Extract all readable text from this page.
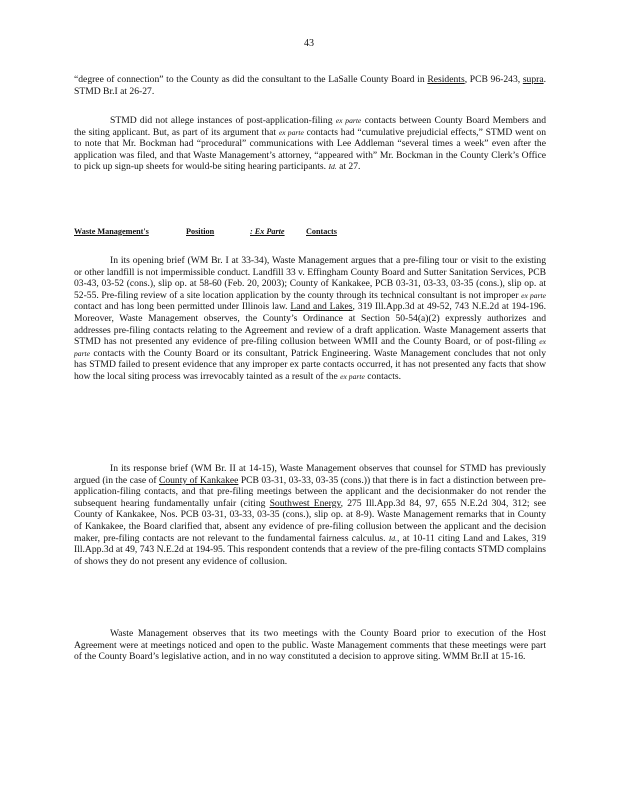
43

“degree of connection” to the County as did the consultant to the LaSalle County Board in Residents, PCB 96-243, supra. STMD Br.I at 26-27.

STMD did not allege instances of post-application-filing ex parte contacts between County Board Members and the siting applicant. But, as part of its argument that ex parte contacts had “cumulative prejudicial effects,” STMD went on to note that Mr. Bockman had “procedural” communications with Lee Addleman “several times a week” even after the application was filed, and that Waste Management’s attorney, “appeared with” Mr. Bockman in the County Clerk’s Office to pick up sign-up sheets for would-be siting hearing participants. Id. at 27.

Waste Management's	Position	: Ex Parte	Contacts

In its opening brief (WM Br. I at 33-34), Waste Management argues that a pre-filing tour or visit to the existing or other landfill is not impermissible conduct. Landfill 33 v. Effingham County Board and Sutter Sanitation Services, PCB 03-43, 03-52 (cons.), slip op. at 58-60 (Feb. 20, 2003); County of Kankakee, PCB 03-31, 03-33, 03-35 (cons.), slip op. at 52-55. Pre-filing review of a site location application by the county through its technical consultant is not improper ex parte contact and has long been permitted under Illinois law. Land and Lakes, 319 Ill.App.3d at 49-52, 743 N.E.2d at 194-196. Moreover, Waste Management observes, the County’s Ordinance at Section 50-54(a)(2) expressly authorizes and addresses pre-filing contacts relating to the Agreement and review of a draft application. Waste Management asserts that STMD has not presented any evidence of pre-filing collusion between WMII and the County Board, or of post-filing ex parte contacts with the County Board or its consultant, Patrick Engineering. Waste Management concludes that not only has STMD failed to present evidence that any improper ex parte contacts occurred, it has not presented any facts that show how the local siting process was irrevocably tainted as a result of the ex parte contacts.

In its response brief (WM Br. II at 14-15), Waste Management observes that counsel for STMD has previously argued (in the case of County of Kankakee PCB 03-31, 03-33, 03-35 (cons.)) that there is in fact a distinction between pre-application-filing contacts, and that pre-filing meetings between the applicant and the decisionmaker do not render the subsequent hearing fundamentally unfair (citing Southwest Energy, 275 Ill.App.3d 84, 97, 655 N.E.2d 304, 312; see County of Kankakee, Nos. PCB 03-31, 03-33, 03-35 (cons.), slip op. at 8-9). Waste Management remarks that in County of Kankakee, the Board clarified that, absent any evidence of pre-filing collusion between the applicant and the decision maker, pre-filing contacts are not relevant to the fundamental fairness calculus. Id., at 10-11 citing Land and Lakes, 319 Ill.App.3d at 49, 743 N.E.2d at 194-95. This respondent contends that a review of the pre-filing contacts STMD complains of shows they do not present any evidence of collusion.

Waste Management observes that its two meetings with the County Board prior to execution of the Host Agreement were at meetings noticed and open to the public. Waste Management comments that these meetings were part of the County Board’s legislative action, and in no way constituted a decision to approve siting. WMM Br.II at 15-16.
